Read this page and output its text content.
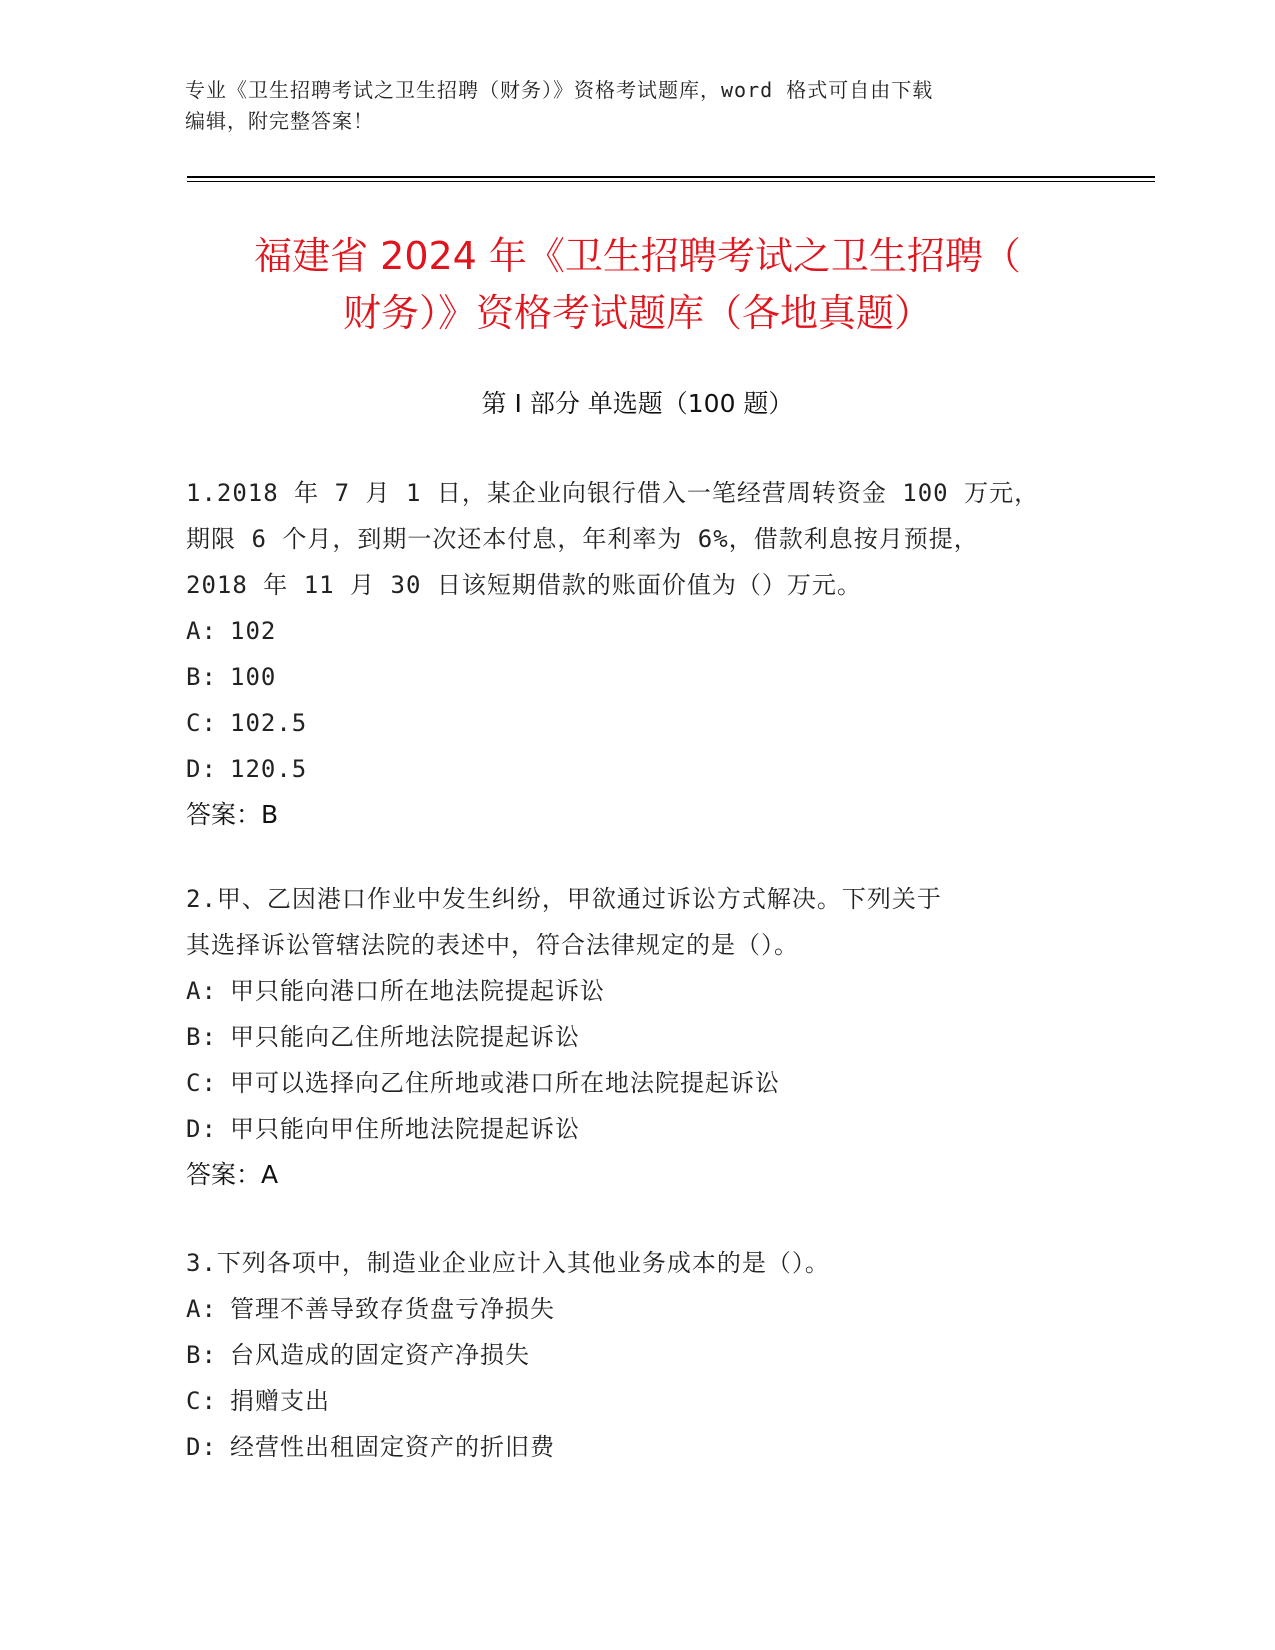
专业《卫生招聘考试之卫生招聘（财务）》资格考试题库，word 格式可自由下载
编辑，附完整答案！
福建省 2024 年《卫生招聘考试之卫生招聘（
财务）》资格考试题库（各地真题）
第 I 部分 单选题（100 题）
1.2018 年 7 月 1 日，某企业向银行借入一笔经营周转资金 100 万元，
期限 6 个月，到期一次还本付息，年利率为 6%，借款利息按月预提，
2018 年 11 月 30 日该短期借款的账面价值为（）万元。
A: 102
B: 100
C: 102.5
D: 120.5
答案：B
2.甲、乙因港口作业中发生纠纷，甲欲通过诉讼方式解决。下列关于
其选择诉讼管辖法院的表述中，符合法律规定的是（）。
A: 甲只能向港口所在地法院提起诉讼
B: 甲只能向乙住所地法院提起诉讼
C: 甲可以选择向乙住所地或港口所在地法院提起诉讼
D: 甲只能向甲住所地法院提起诉讼
答案：A
3.下列各项中，制造业企业应计入其他业务成本的是（）。
A: 管理不善导致存货盘亏净损失
B: 台风造成的固定资产净损失
C: 捐赠支出
D: 经营性出租固定资产的折旧费
